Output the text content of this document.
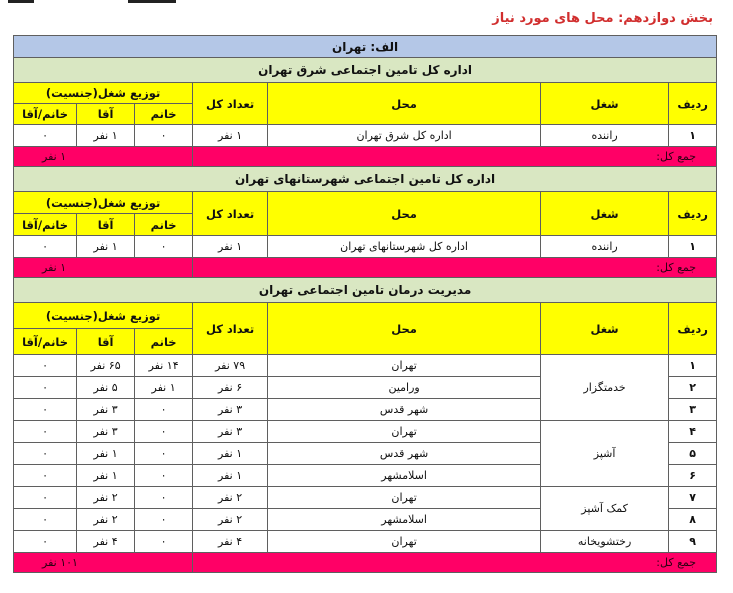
بخش دوازدهم: محل های مورد نیاز
الف: تهران						
اداره کل تامین اجتماعی شرق تهران						
ردیف	شغل	محل	تعداد کل	توزیع شغل(جنسیت)		
				خانم	آقا	خانم/آقا
۱	راننده	اداره کل شرق تهران	۱ نفر	۰	۱ نفر	۰
جمع کل:				۱ نفر		
اداره کل تامین اجتماعی شهرستانهای تهران						
ردیف	شغل	محل	تعداد کل	توزیع شغل(جنسیت)		
				خانم	آقا	خانم/آقا
۱	راننده	اداره کل شهرستانهای تهران	۱ نفر	۰	۱ نفر	۰
جمع کل:				۱ نفر		
مدیریت درمان تامین اجتماعی تهران						
ردیف	شغل	محل	تعداد کل	توزیع شغل(جنسیت)		
				خانم	آقا	خانم/آقا
۱	خدمتگزار	تهران	۷۹ نفر	۱۴ نفر	۶۵ نفر	۰
۲		ورامین	۶ نفر	۱ نفر	۵ نفر	۰
۳		شهر قدس	۳ نفر	۰	۳ نفر	۰
۴	آشپز	تهران	۳ نفر	۰	۳ نفر	۰
۵		شهر قدس	۱ نفر	۰	۱ نفر	۰
۶		اسلامشهر	۱ نفر	۰	۱ نفر	۰
۷	کمک آشپز	تهران	۲ نفر	۰	۲ نفر	۰
۸		اسلامشهر	۲ نفر	۰	۲ نفر	۰
۹	رختشویخانه	تهران	۴ نفر	۰	۴ نفر	۰
جمع کل:				۱۰۱ نفر		
